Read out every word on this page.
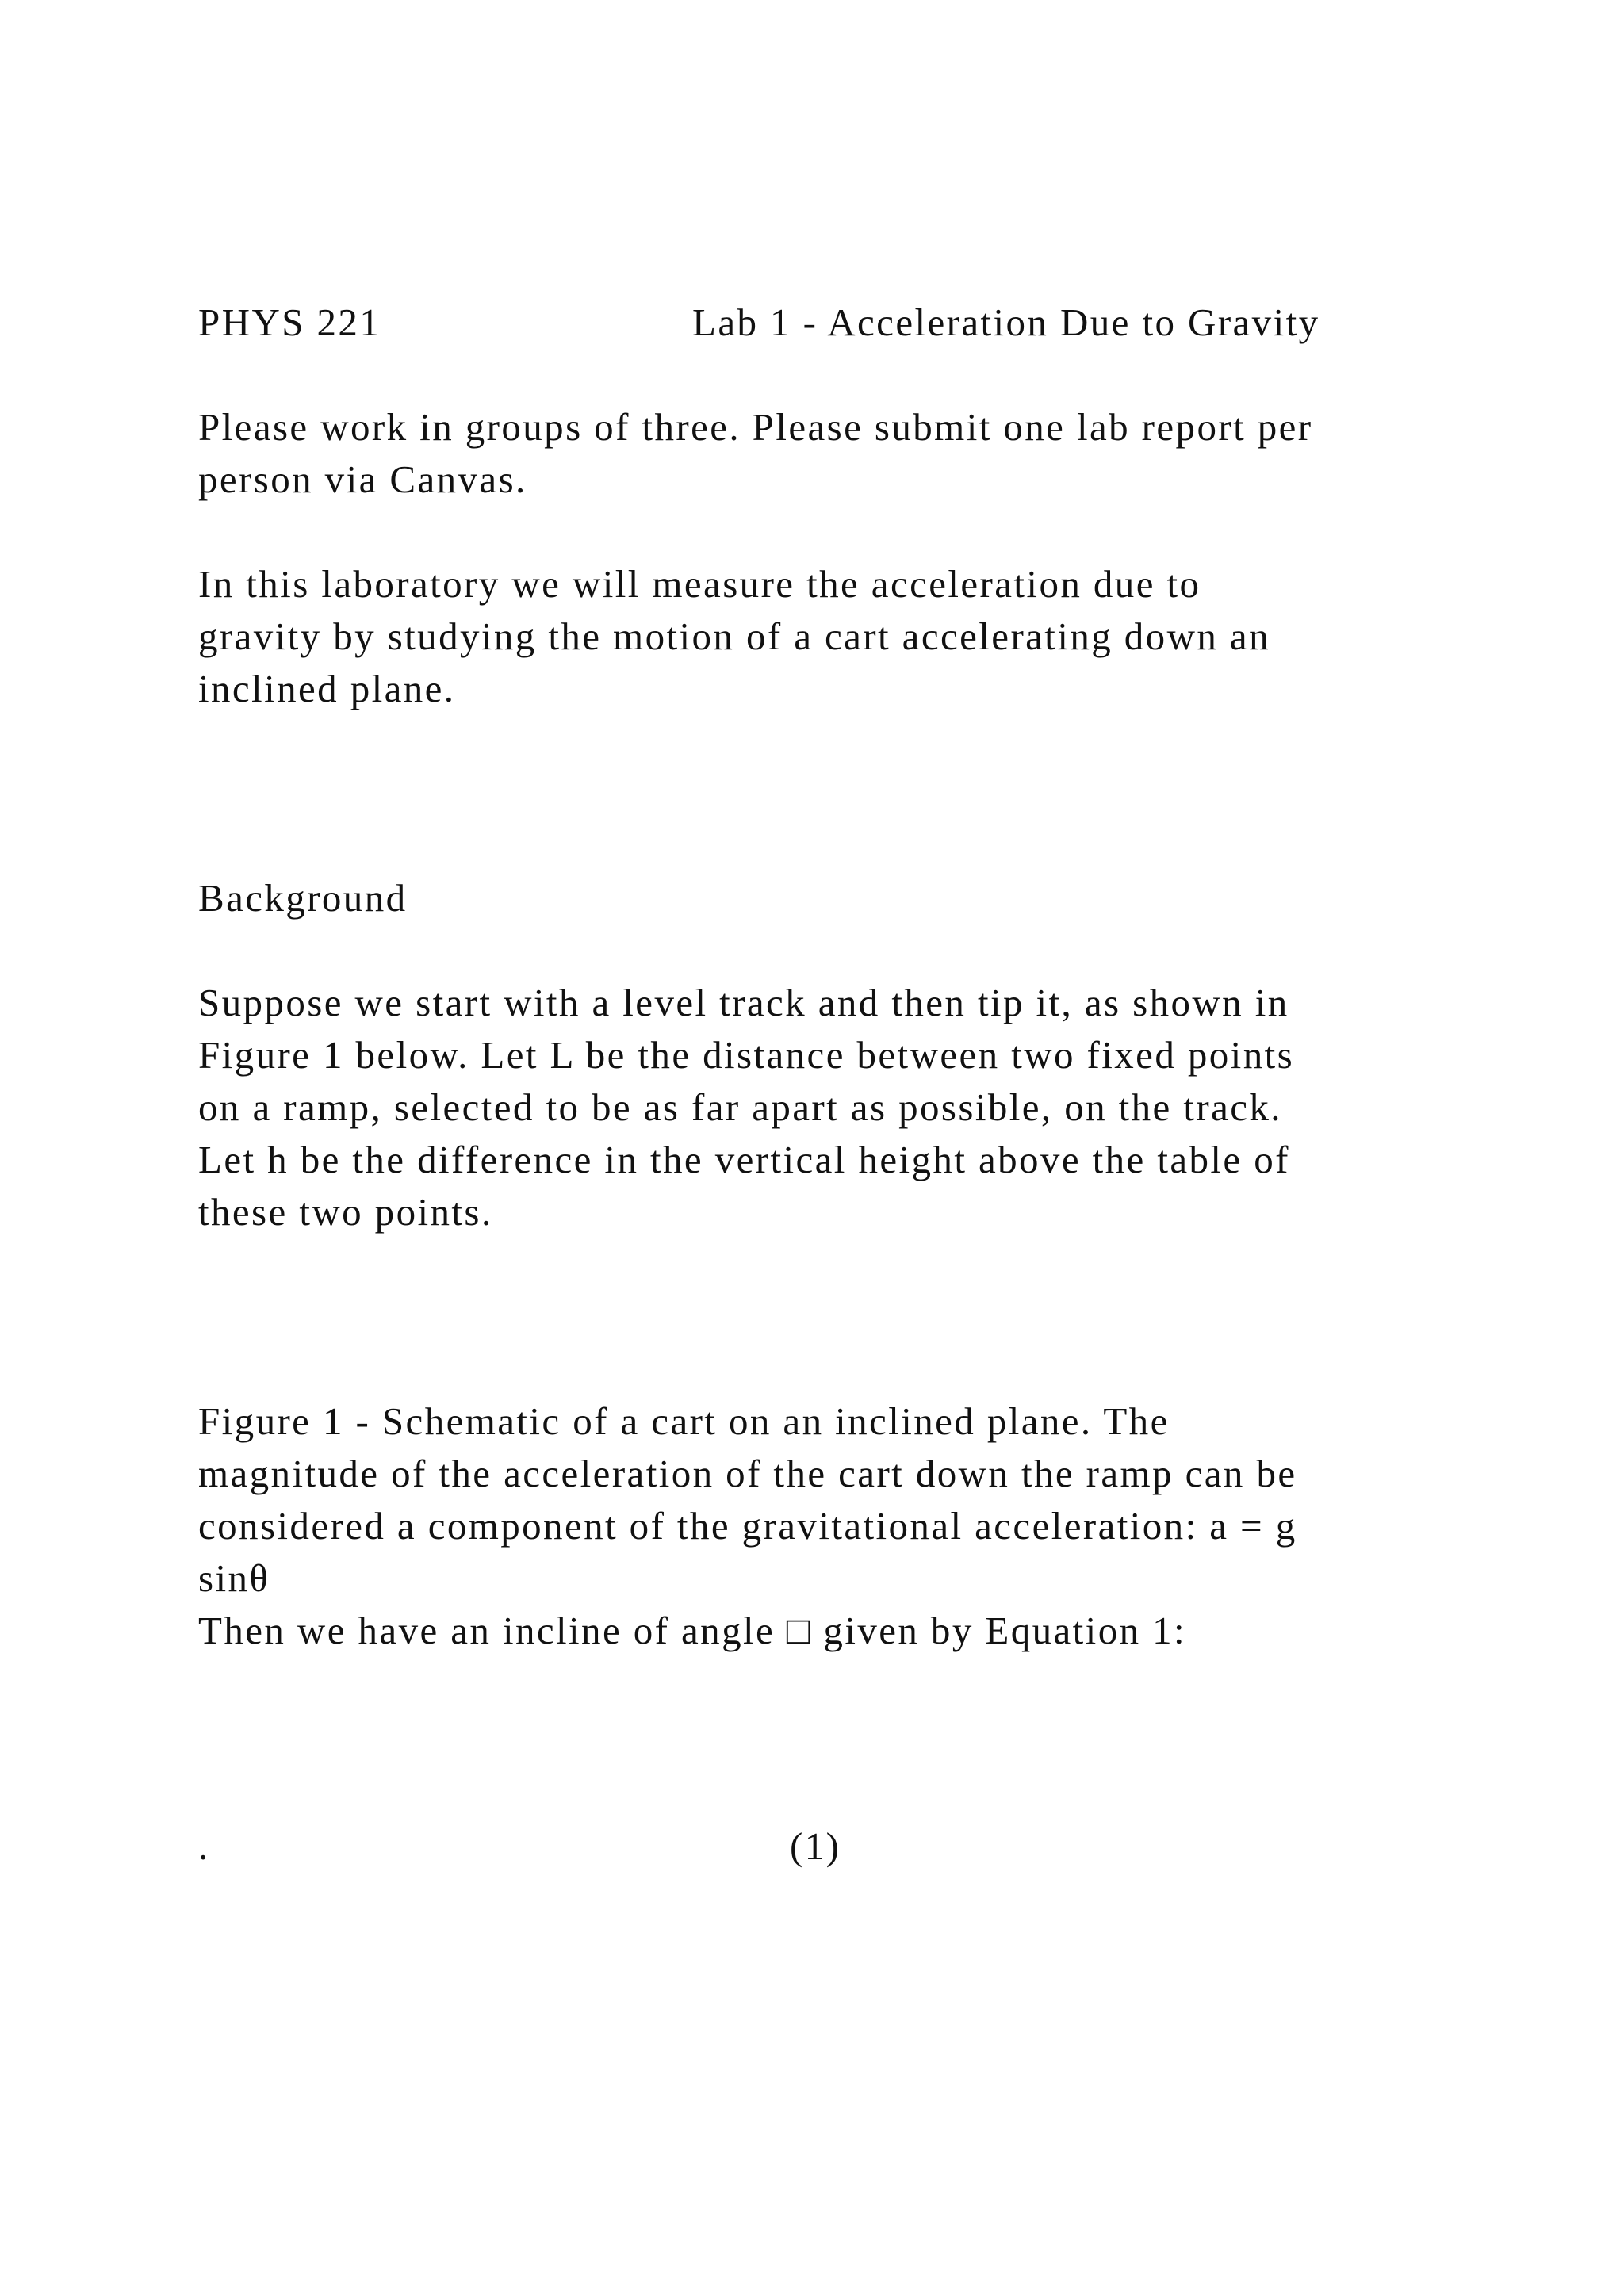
PHYS 221	Lab 1 - Acceleration Due to Gravity

Please work in groups of three. Please submit one lab report per

person via Canvas.

In this laboratory we will measure the acceleration due to

gravity by studying the motion of a cart accelerating down an

inclined plane.

Background

Suppose we start with a level track and then tip it, as shown in

Figure 1 below. Let L be the distance between two fixed points

on a ramp, selected to be as far apart as possible, on the track.

Let h be the difference in the vertical height above the table of

these two points.

Figure 1 - Schematic of a cart on an inclined plane. The

magnitude of the acceleration of the cart down the ramp can be

considered a component of the gravitational acceleration: a = g

sinθ

Then we have an incline of angle □ given by Equation 1:

.	(1)
